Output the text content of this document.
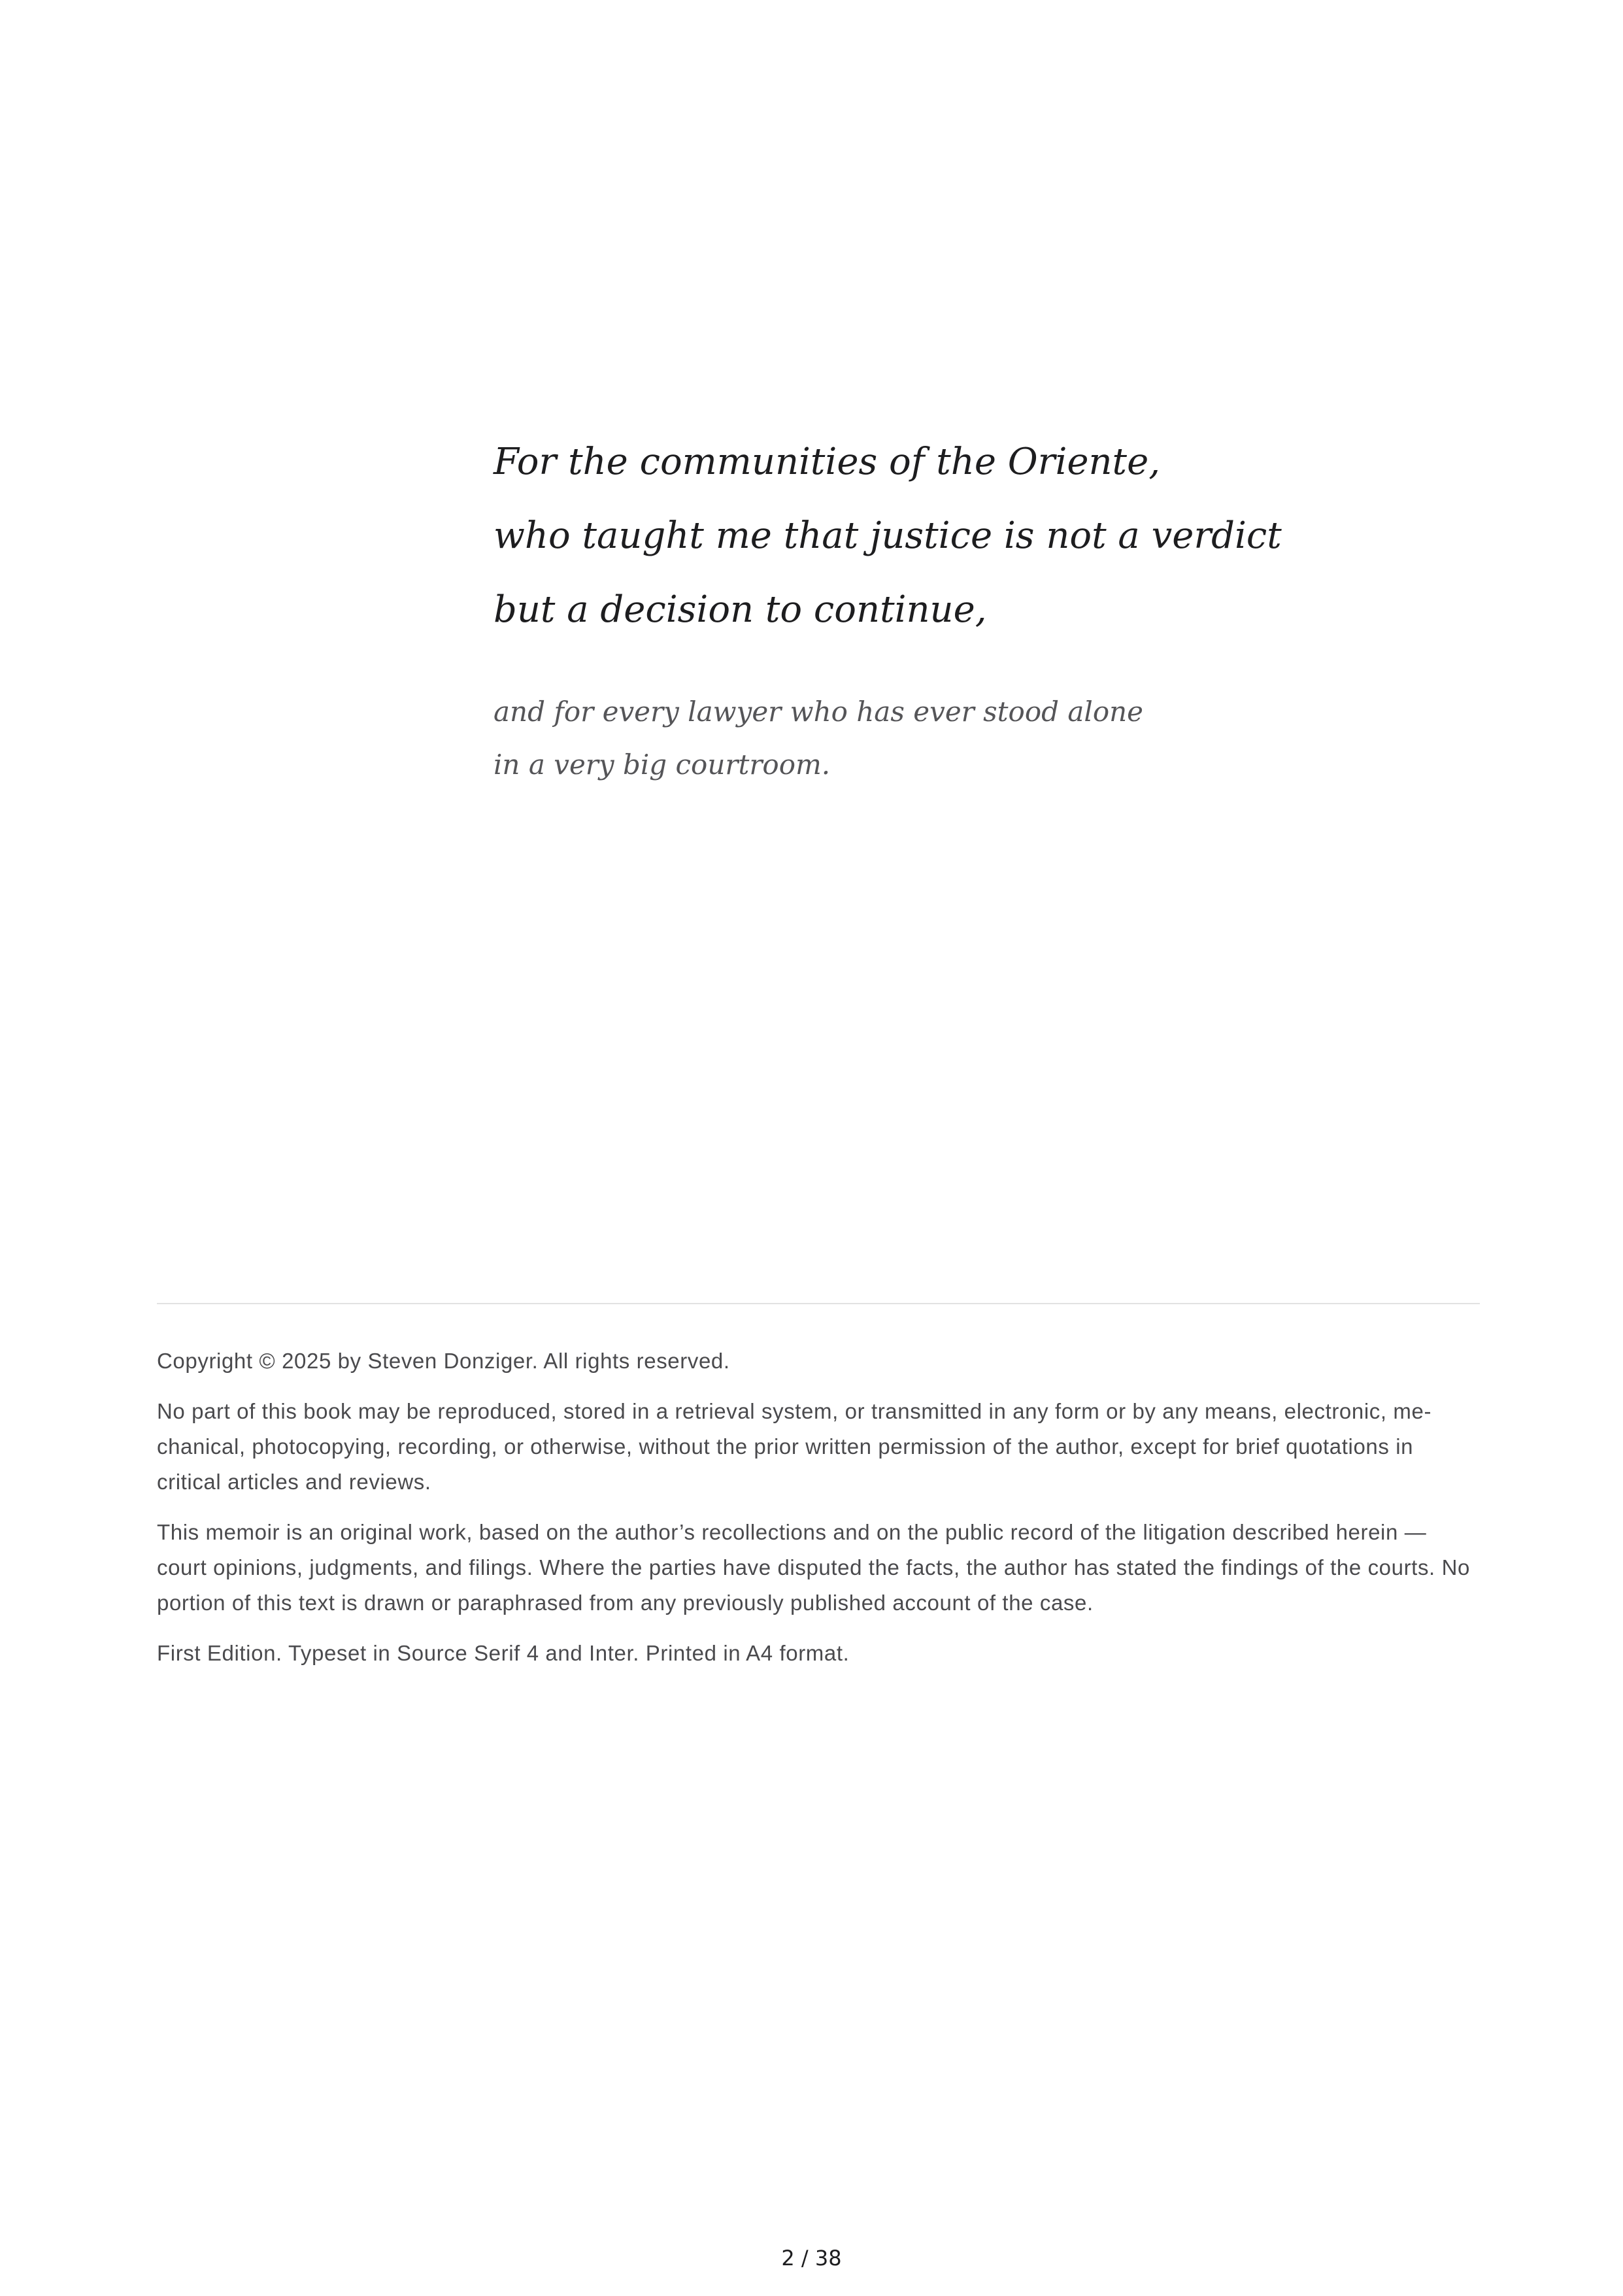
For the communities of the Oriente,
who taught me that justice is not a verdict
but a decision to continue,

and for every lawyer who has ever stood alone
in a very big courtroom.

Copyright © 2025 by Steven Donziger. All rights reserved.

No part of this book may be reproduced, stored in a retrieval system, or transmitted in any form or by any means, electronic, me-chanical, photocopying, recording, or otherwise, without the prior written permission of the author, except for brief quotations in critical articles and reviews.

This memoir is an original work, based on the author’s recollections and on the public record of the litigation described herein — court opinions, judgments, and filings. Where the parties have disputed the facts, the author has stated the findings of the courts. No portion of this text is drawn or paraphrased from any previously published account of the case.

First Edition. Typeset in Source Serif 4 and Inter. Printed in A4 format.

2 / 38
